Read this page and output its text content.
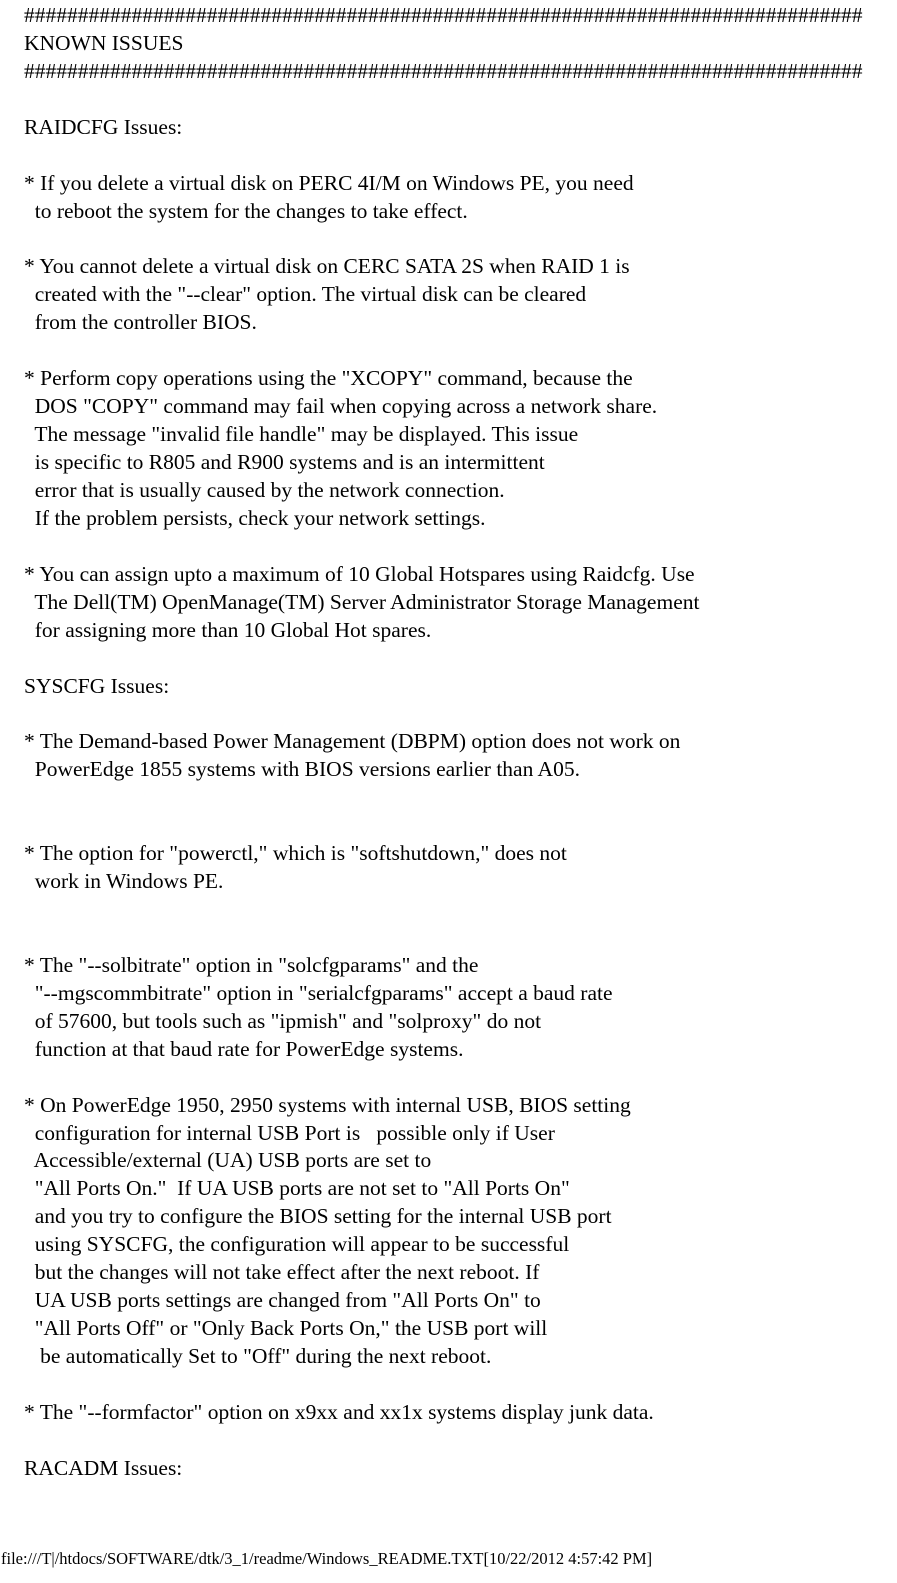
##############################################################################
KNOWN ISSUES
##############################################################################
RAIDCFG Issues:
* If you delete a virtual disk on PERC 4I/M on Windows PE, you need
to reboot the system for the changes to take effect.
* You cannot delete a virtual disk on CERC SATA 2S when RAID 1 is
created with the "--clear" option. The virtual disk can be cleared
from the controller BIOS.
* Perform copy operations using the "XCOPY" command, because the
DOS "COPY" command may fail when copying across a network share.
The message "invalid file handle" may be displayed. This issue
is specific to R805 and R900 systems and is an intermittent
error that is usually caused by the network connection.
If the problem persists, check your network settings.
* You can assign upto a maximum of 10 Global Hotspares using Raidcfg. Use
The Dell(TM) OpenManage(TM) Server Administrator Storage Management
for assigning more than 10 Global Hot spares.
SYSCFG Issues:
* The Demand-based Power Management (DBPM) option does not work on
PowerEdge 1855 systems with BIOS versions earlier than A05.
* The option for "powerctl," which is "softshutdown," does not
work in Windows PE.
* The "--solbitrate" option in "solcfgparams" and the
"--mgscommbitrate" option in "serialcfgparams" accept a baud rate
of 57600, but tools such as "ipmish" and "solproxy" do not
function at that baud rate for PowerEdge systems.
* On PowerEdge 1950, 2950 systems with internal USB, BIOS setting
configuration for internal USB Port is   possible only if User
Accessible/external (UA) USB ports are set to
"All Ports On."  If UA USB ports are not set to "All Ports On"
and you try to configure the BIOS setting for the internal USB port
using SYSCFG, the configuration will appear to be successful
but the changes will not take effect after the next reboot. If
UA USB ports settings are changed from "All Ports On" to
"All Ports Off" or "Only Back Ports On," the USB port will
be automatically Set to "Off" during the next reboot.
* The "--formfactor" option on x9xx and xx1x systems display junk data.
RACADM Issues:
file:///T|/htdocs/SOFTWARE/dtk/3_1/readme/Windows_README.TXT[10/22/2012 4:57:42 PM]
